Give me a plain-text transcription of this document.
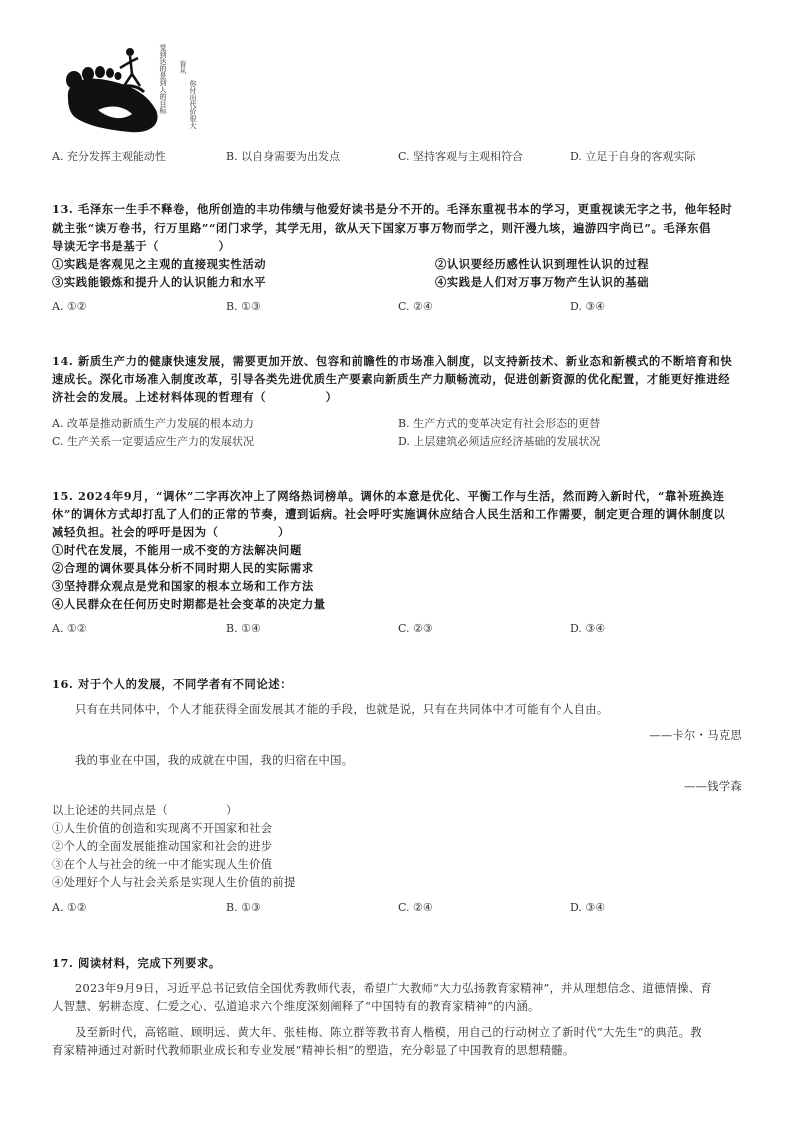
觉到达的是到人的目标 盲从
你付出代价很大
A. 充分发挥主观能动性	B. 以自身需要为出发点	C. 坚持客观与主观相符合	D. 立足于自身的客观实际
13. 毛泽东一生手不释卷，他所创造的丰功伟绩与他爱好读书是分不开的。毛泽东重视书本的学习，更重视读无字之书，他年轻时
就主张“读万卷书，行万里路”“闭门求学，其学无用，欲从天下国家万事万物而学之，则汗漫九垓，遍游四宇尚已”。毛泽东倡
导读无字书是基于（　　　　　）
①实践是客观见之主观的直接现实性活动	②认识要经历感性认识到理性认识的过程
③实践能锻炼和提升人的认识能力和水平	④实践是人们对万事万物产生认识的基础
A. ①②	B. ①③	C. ②④	D. ③④
14. 新质生产力的健康快速发展，需要更加开放、包容和前瞻性的市场准入制度，以支持新技术、新业态和新模式的不断培育和快
速成长。深化市场准入制度改革，引导各类先进优质生产要素向新质生产力顺畅流动，促进创新资源的优化配置，才能更好推进经
济社会的发展。上述材料体现的哲理有（　　　　　）
A. 改革是推动新质生产力发展的根本动力	B. 生产方式的变革决定有社会形态的更替
C. 生产关系一定要适应生产力的发展状况	D. 上层建筑必须适应经济基础的发展状况
15. 2024年9月，“调休”二字再次冲上了网络热词榜单。调休的本意是优化、平衡工作与生活，然而跨入新时代，“靠补班换连
休”的调休方式却打乱了人们的正常的节奏，遭到诟病。社会呼吁实施调休应结合人民生活和工作需要，制定更合理的调休制度以
减轻负担。社会的呼吁是因为（　　　　　）
①时代在发展，不能用一成不变的方法解决问题
②合理的调休要具体分析不同时期人民的实际需求
③坚持群众观点是党和国家的根本立场和工作方法
④人民群众在任何历史时期都是社会变革的决定力量
A. ①②	B. ①④	C. ②③	D. ③④
16. 对于个人的发展，不同学者有不同论述：
只有在共同体中，个人才能获得全面发展其才能的手段，也就是说，只有在共同体中才可能有个人自由。
——卡尔・马克思
我的事业在中国，我的成就在中国，我的归宿在中国。
——钱学森
以上论述的共同点是（　　　　　）
①人生价值的创造和实现离不开国家和社会
②个人的全面发展能推动国家和社会的进步
③在个人与社会的统一中才能实现人生价值
④处理好个人与社会关系是实现人生价值的前提
A. ①②	B. ①③	C. ②④	D. ③④
17. 阅读材料，完成下列要求。
2023年9月9日，习近平总书记致信全国优秀教师代表，希望广大教师“大力弘扬教育家精神”，并从理想信念、道德情操、育
人智慧、躬耕态度、仁爱之心、弘道追求六个维度深刻阐释了“中国特有的教育家精神”的内涵。
及至新时代，高铭暄、顾明远、黄大年、张桂梅、陈立群等教书育人楷模，用自己的行动树立了新时代“大先生”的典范。教
育家精神通过对新时代教师职业成长和专业发展“精神长相”的塑造，充分彰显了中国教育的思想精髓。
